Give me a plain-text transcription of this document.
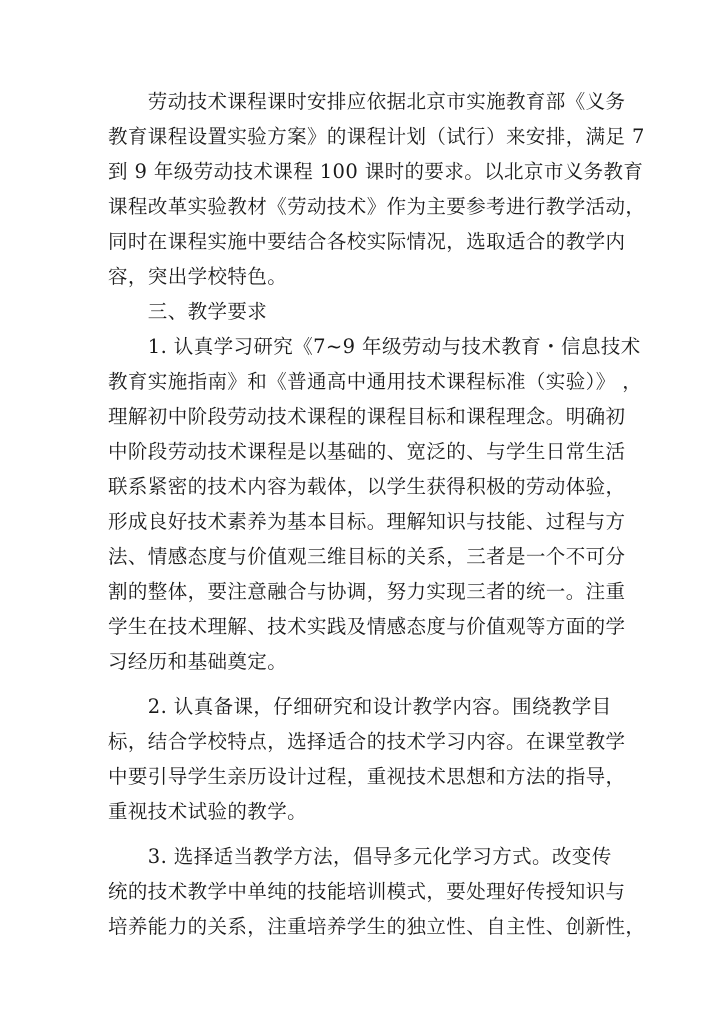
　　劳动技术课程课时安排应依据北京市实施教育部《义务
教育课程设置实验方案》的课程计划（试行）来安排，满足 7
到 9 年级劳动技术课程 100 课时的要求。以北京市义务教育
课程改革实验教材《劳动技术》作为主要参考进行教学活动，
同时在课程实施中要结合各校实际情况，选取适合的教学内
容，突出学校特色。
　　三、教学要求
　　1. 认真学习研究《7~9 年级劳动与技术教育・信息技术
教育实施指南》和《普通高中通用技术课程标准（实验）》 ，
理解初中阶段劳动技术课程的课程目标和课程理念。明确初
中阶段劳动技术课程是以基础的、宽泛的、与学生日常生活
联系紧密的技术内容为载体，以学生获得积极的劳动体验，
形成良好技术素养为基本目标。理解知识与技能、过程与方
法、情感态度与价值观三维目标的关系，三者是一个不可分
割的整体，要注意融合与协调，努力实现三者的统一。注重
学生在技术理解、技术实践及情感态度与价值观等方面的学
习经历和基础奠定。
　　2. 认真备课，仔细研究和设计教学内容。围绕教学目
标，结合学校特点，选择适合的技术学习内容。在课堂教学
中要引导学生亲历设计过程，重视技术思想和方法的指导，
重视技术试验的教学。
　　3. 选择适当教学方法，倡导多元化学习方式。改变传
统的技术教学中单纯的技能培训模式，要处理好传授知识与
培养能力的关系，注重培养学生的独立性、自主性、创新性，
